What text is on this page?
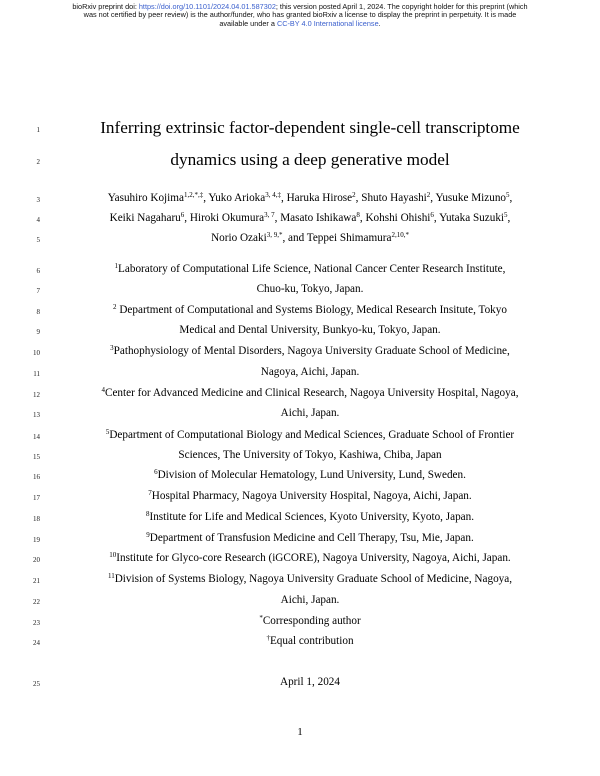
bioRxiv preprint doi: https://doi.org/10.1101/2024.04.01.587302; this version posted April 1, 2024. The copyright holder for this preprint (which
was not certified by peer review) is the author/funder, who has granted bioRxiv a license to display the preprint in perpetuity. It is made
available under a CC-BY 4.0 International license.
1
2
3
4
5
6
7
8
9
10
11
12
13
14
15
16
17
18
19
20
21
22
23
24
25
Inferring extrinsic factor-dependent single-cell transcriptome
dynamics using a deep generative model
Yasuhiro Kojima$^{1,2,*,\ddagger}$, Yuko Arioka$^{3, 4,\ddagger}$, Haruka Hirose$^2$, Shuto Hayashi$^2$, Yusuke Mizuno$^5$,
Keiki Nagaharu$^6$, Hiroki Okumura$^{3, 7}$, Masato Ishikawa$^8$, Kohshi Ohishi$^6$, Yutaka Suzuki$^5$,
Norio Ozaki$^{3, 9,*}$, and Teppei Shimamura$^{2,10,*}$
$^1$Laboratory of Computational Life Science, National Cancer Center Research Institute,
Chuo-ku, Tokyo, Japan.
$^2$ Department of Computational and Systems Biology, Medical Research Insitute, Tokyo
Medical and Dental University, Bunkyo-ku, Tokyo, Japan.
$^3$Pathophysiology of Mental Disorders, Nagoya University Graduate School of Medicine,
Nagoya, Aichi, Japan.
$^4$Center for Advanced Medicine and Clinical Research, Nagoya University Hospital, Nagoya,
Aichi, Japan.
$^5$Department of Computational Biology and Medical Sciences, Graduate School of Frontier
Sciences, The University of Tokyo, Kashiwa, Chiba, Japan
$^6$Division of Molecular Hematology, Lund University, Lund, Sweden.
$^7$Hospital Pharmacy, Nagoya University Hospital, Nagoya, Aichi, Japan.
$^8$Institute for Life and Medical Sciences, Kyoto University, Kyoto, Japan.
$^9$Department of Transfusion Medicine and Cell Therapy, Tsu, Mie, Japan.
$^{10}$Institute for Glyco-core Research (iGCORE), Nagoya University, Nagoya, Aichi, Japan.
$^{11}$Division of Systems Biology, Nagoya University Graduate School of Medicine, Nagoya,
Aichi, Japan.
*Corresponding author
†Equal contribution
April 1, 2024
1
